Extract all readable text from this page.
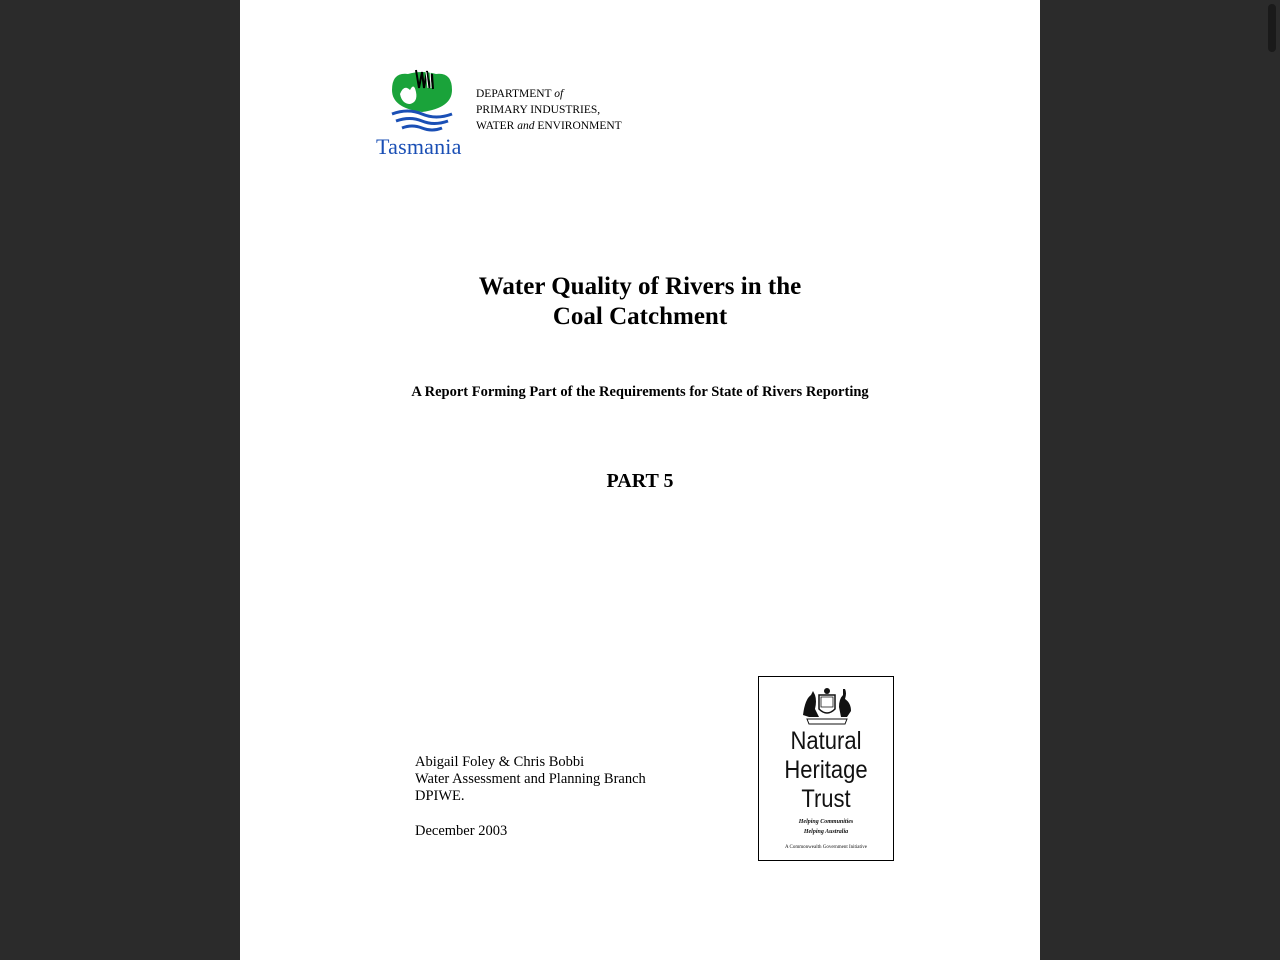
Tasmania

DEPARTMENT of
PRIMARY INDUSTRIES,
WATER and ENVIRONMENT
Water Quality of Rivers in the
Coal Catchment

A Report Forming Part of the Requirements for State of Rivers Reporting

PART 5

Abigail Foley & Chris Bobbi
Water Assessment and Planning Branch
DPIWE.
December 2003
Natural
Heritage
Trust
Helping Communities
Helping Australia
A Commonwealth Government Initiative
